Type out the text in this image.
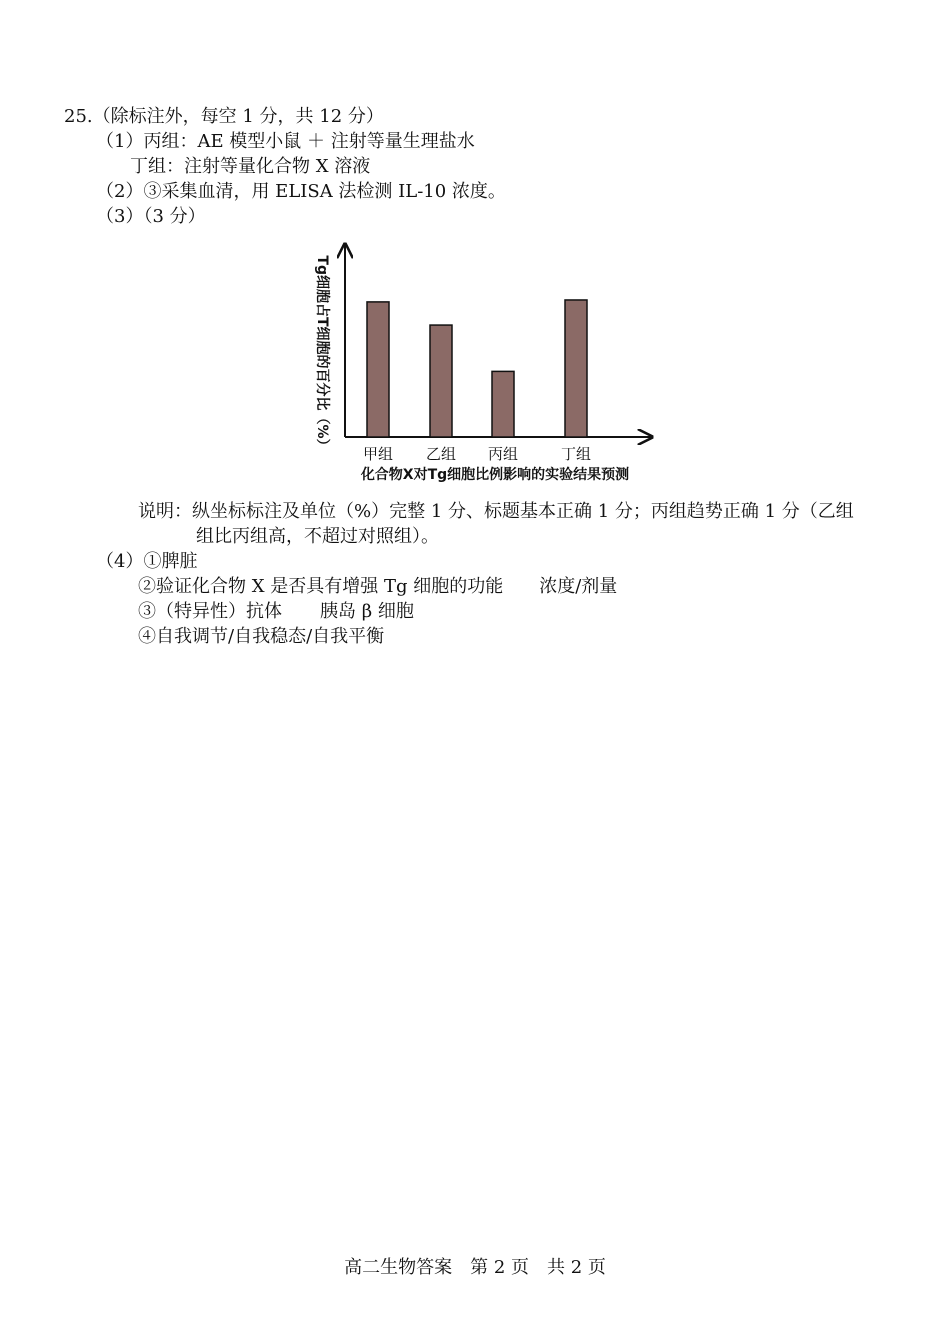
25.（除标注外，每空 1 分，共 12 分）
（1）丙组：AE 模型小鼠 ＋ 注射等量生理盐水
丁组：注射等量化合物 X 溶液
（2）③采集血清，用 ELISA 法检测 IL-10 浓度。
（3）（3 分）
甲组 乙组 丙组	丁组
Tg细胞占T细胞的百分比（%）
化合物X对Tg细胞比例影响的实验结果预测
说明：纵坐标标注及单位（%）完整 1 分、标题基本正确 1 分；丙组趋势正确 1 分（乙组
组比丙组高，不超过对照组）。
（4）①脾脏
②验证化合物 X 是否具有增强 Tg 细胞的功能 浓度/剂量
③（特异性）抗体 胰岛 β 细胞
④自我调节/自我稳态/自我平衡
高二生物答案　第 2 页　共 2 页
